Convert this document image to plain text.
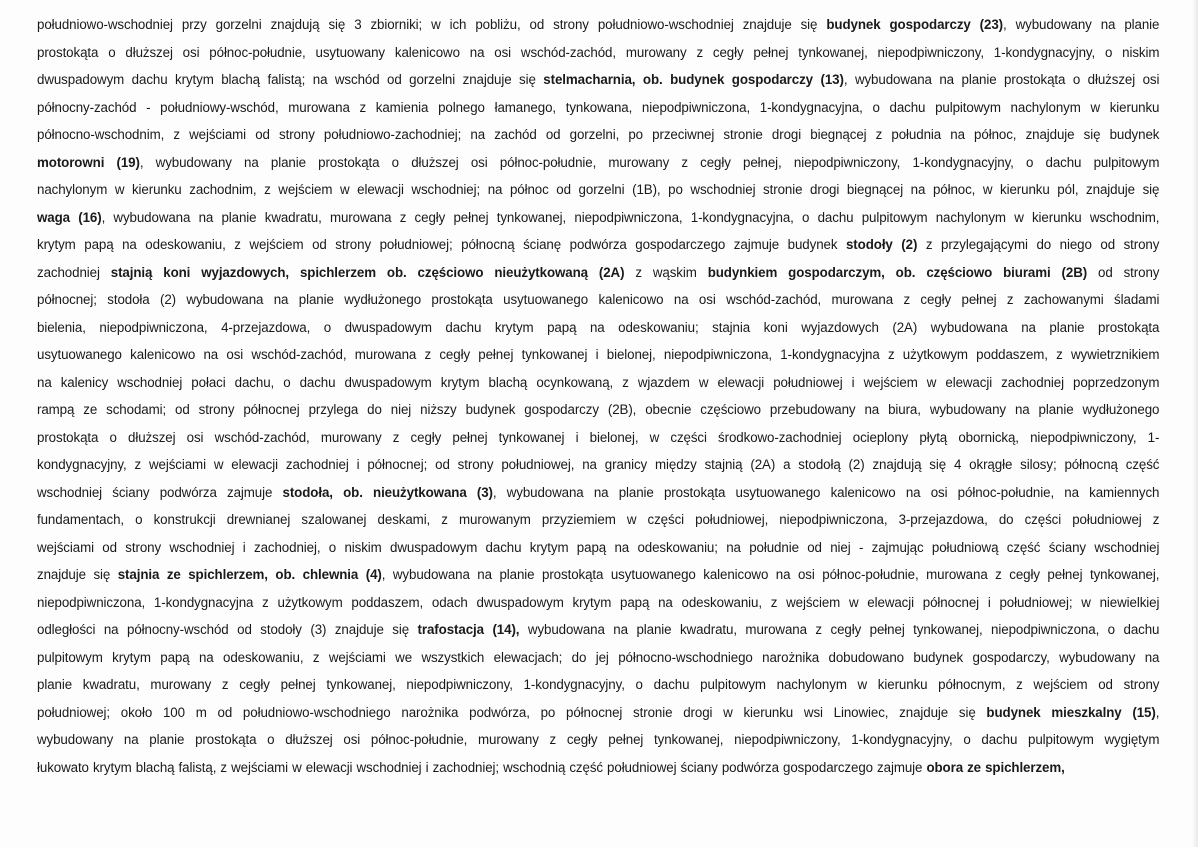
południowo-wschodniej przy gorzelni znajdują się 3 zbiorniki; w ich pobliżu, od strony południowo-wschodniej znajduje się budynek gospodarczy (23), wybudowany na planie
prostokąta o dłuższej osi północ-południe, usytuowany kalenicowo na osi wschód-zachód, murowany z cegły pełnej tynkowanej, niepodpiwniczony, 1-kondygnacyjny, o niskim
dwuspadowym dachu krytym blachą falistą; na wschód od gorzelni znajduje się stelmacharnia, ob. budynek gospodarczy (13), wybudowana na planie prostokąta o dłuższej osi
północny-zachód - południowy-wschód, murowana z kamienia polnego łamanego, tynkowana, niepodpiwniczona, 1-kondygnacyjna, o dachu pulpitowym nachylonym w kierunku
północno-wschodnim, z wejściami od strony południowo-zachodniej; na zachód od gorzelni, po przeciwnej stronie drogi biegnącej z południa na północ, znajduje się budynek
motorowni (19), wybudowany na planie prostokąta o dłuższej osi północ-południe, murowany z cegły pełnej, niepodpiwniczony, 1-kondygnacyjny, o dachu pulpitowym
nachylonym w kierunku zachodnim, z wejściem w elewacji wschodniej; na północ od gorzelni (1B), po wschodniej stronie drogi biegnącej na północ, w kierunku pól, znajduje się
waga (16), wybudowana na planie kwadratu, murowana z cegły pełnej tynkowanej, niepodpiwniczona, 1-kondygnacyjna, o dachu pulpitowym nachylonym w kierunku wschodnim,
krytym papą na odeskowaniu, z wejściem od strony południowej; północną ścianę podwórza gospodarczego zajmuje budynek stodoły (2) z przylegającymi do niego od strony
zachodniej stajnią koni wyjazdowych, spichlerzem ob. częściowo nieużytkowaną (2A) z wąskim budynkiem gospodarczym, ob. częściowo biurami (2B) od strony
północnej; stodoła (2) wybudowana na planie wydłużonego prostokąta usytuowanego kalenicowo na osi wschód-zachód, murowana z cegły pełnej z zachowanymi śladami
bielenia, niepodpiwniczona, 4-przejazdowa, o dwuspadowym dachu krytym papą na odeskowaniu; stajnia koni wyjazdowych (2A) wybudowana na planie prostokąta
usytuowanego kalenicowo na osi wschód-zachód, murowana z cegły pełnej tynkowanej i bielonej, niepodpiwniczona, 1-kondygnacyjna z użytkowym poddaszem, z wywietrznikiem
na kalenicy wschodniej połaci dachu, o dachu dwuspadowym krytym blachą ocynkowaną, z wjazdem w elewacji południowej i wejściem w elewacji zachodniej poprzedzonym
rampą ze schodami; od strony północnej przylega do niej niższy budynek gospodarczy (2B), obecnie częściowo przebudowany na biura, wybudowany na planie wydłużonego
prostokąta o dłuższej osi wschód-zachód, murowany z cegły pełnej tynkowanej i bielonej, w części środkowo-zachodniej ocieplony płytą obornicką, niepodpiwniczony, 1-
kondygnacyjny, z wejściami w elewacji zachodniej i północnej; od strony południowej, na granicy między stajnią (2A) a stodołą (2) znajdują się 4 okrągłe silosy; północną część
wschodniej ściany podwórza zajmuje stodoła, ob. nieużytkowana (3), wybudowana na planie prostokąta usytuowanego kalenicowo na osi północ-południe, na kamiennych
fundamentach, o konstrukcji drewnianej szalowanej deskami, z murowanym przyziemiem w części południowej, niepodpiwniczona, 3-przejazdowa, do części południowej z
wejściami od strony wschodniej i zachodniej, o niskim dwuspadowym dachu krytym papą na odeskowaniu; na południe od niej - zajmując południową część ściany wschodniej
znajduje się stajnia ze spichlerzem, ob. chlewnia (4), wybudowana na planie prostokąta usytuowanego kalenicowo na osi północ-południe, murowana z cegły pełnej tynkowanej,
niepodpiwniczona, 1-kondygnacyjna z użytkowym poddaszem, odach dwuspadowym krytym papą na odeskowaniu, z wejściem w elewacji północnej i południowej; w niewielkiej
odległości na północny-wschód od stodoły (3) znajduje się trafostacja (14), wybudowana na planie kwadratu, murowana z cegły pełnej tynkowanej, niepodpiwniczona, o dachu
pulpitowym krytym papą na odeskowaniu, z wejściami we wszystkich elewacjach; do jej północno-wschodniego narożnika dobudowano budynek gospodarczy, wybudowany na
planie kwadratu, murowany z cegły pełnej tynkowanej, niepodpiwniczony, 1-kondygnacyjny, o dachu pulpitowym nachylonym w kierunku północnym, z wejściem od strony
południowej; około 100 m od południowo-wschodniego narożnika podwórza, po północnej stronie drogi w kierunku wsi Linowiec, znajduje się budynek mieszkalny (15),
wybudowany na planie prostokąta o dłuższej osi północ-południe, murowany z cegły pełnej tynkowanej, niepodpiwniczony, 1-kondygnacyjny, o dachu pulpitowym wygiętym
łukowato krytym blachą falistą, z wejściami w elewacji wschodniej i zachodniej; wschodnią część południowej ściany podwórza gospodarczego zajmuje obora ze spichlerzem,
